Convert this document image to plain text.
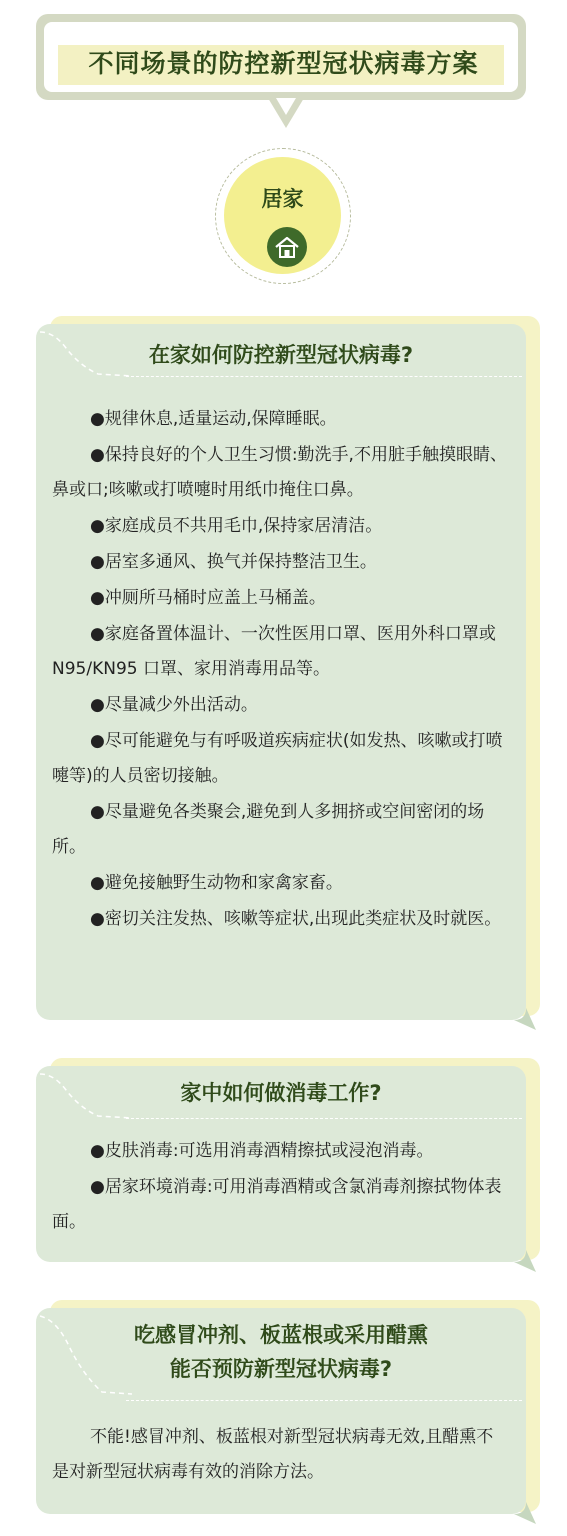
不同场景的防控新型冠状病毒方案
居家
在家如何防控新型冠状病毒?

●规律休息,适量运动,保障睡眠。

●保持良好的个人卫生习惯:勤洗手,不用脏手触摸眼睛、鼻或口;咳嗽或打喷嚏时用纸巾掩住口鼻。

●家庭成员不共用毛巾,保持家居清洁。

●居室多通风、换气并保持整洁卫生。

●冲厕所马桶时应盖上马桶盖。

●家庭备置体温计、一次性医用口罩、医用外科口罩或 N95/KN95 口罩、家用消毒用品等。

●尽量减少外出活动。

●尽可能避免与有呼吸道疾病症状(如发热、咳嗽或打喷嚏等)的人员密切接触。

●尽量避免各类聚会,避免到人多拥挤或空间密闭的场所。

●避免接触野生动物和家禽家畜。

●密切关注发热、咳嗽等症状,出现此类症状及时就医。

家中如何做消毒工作?

●皮肤消毒:可选用消毒酒精擦拭或浸泡消毒。

●居家环境消毒:可用消毒酒精或含氯消毒剂擦拭物体表面。

吃感冒冲剂、板蓝根或采用醋熏
能否预防新型冠状病毒?

不能!感冒冲剂、板蓝根对新型冠状病毒无效,且醋熏不是对新型冠状病毒有效的消除方法。
